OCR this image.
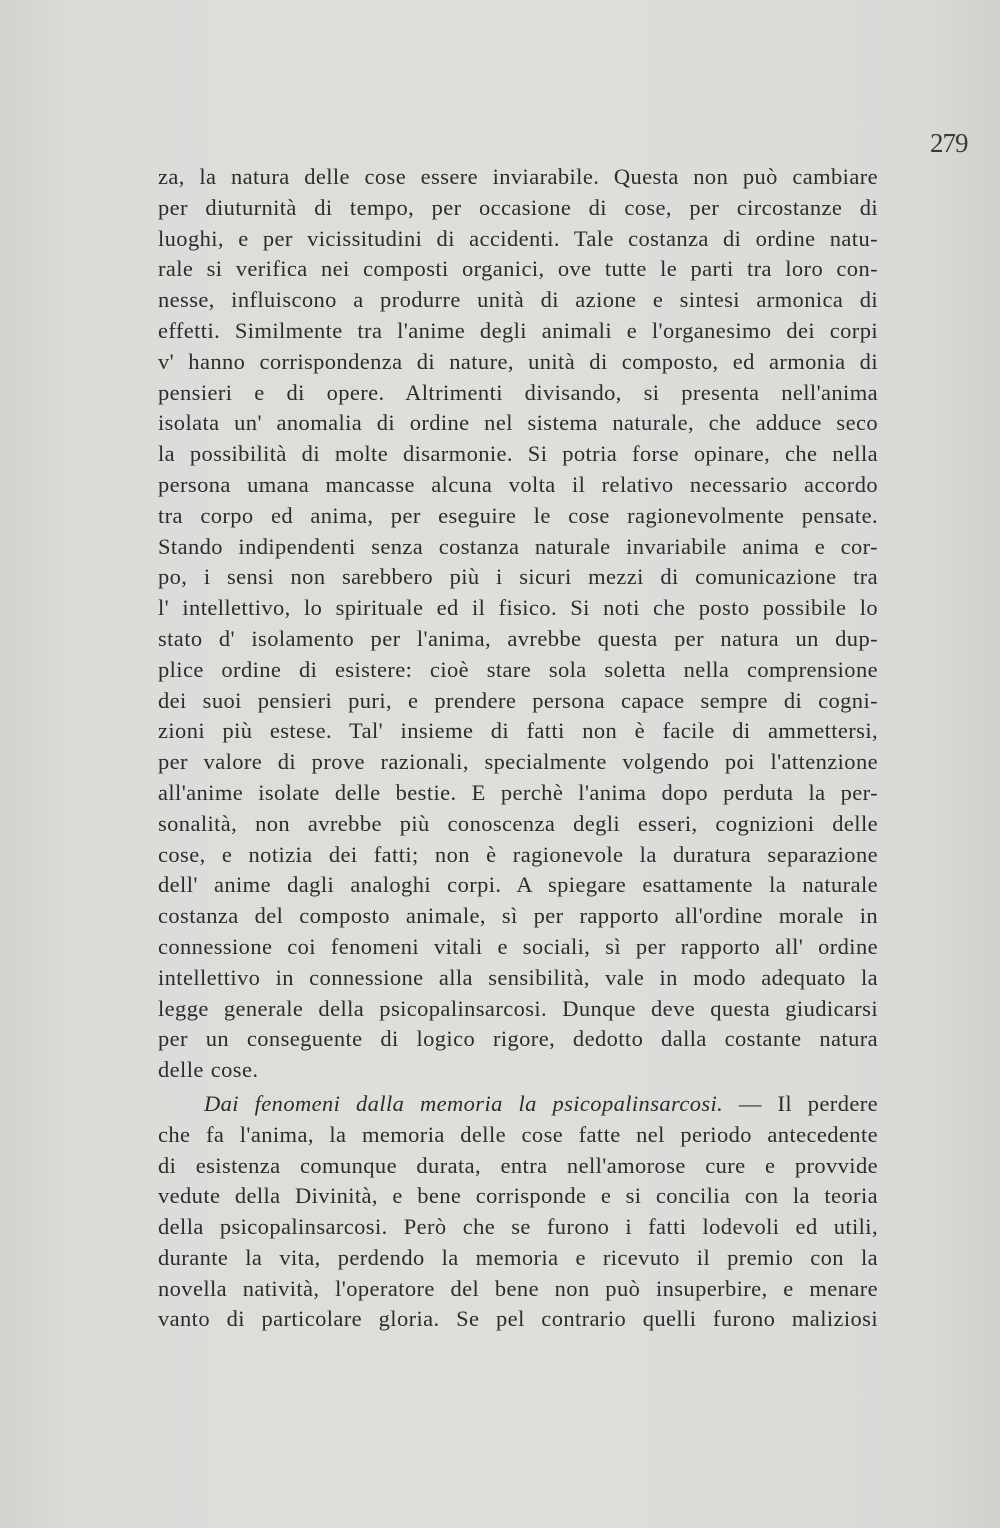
279
za, la natura delle cose essere inviarabile. Questa non può cambiare
per diuturnità di tempo, per occasione di cose, per circostanze di
luoghi, e per vicissitudini di accidenti. Tale costanza di ordine natu-
rale si verifica nei composti organici, ove tutte le parti tra loro con-
nesse, influiscono a produrre unità di azione e sintesi armonica di
effetti. Similmente tra l'anime degli animali e l'organesimo dei corpi
v' hanno corrispondenza di nature, unità di composto, ed armonia di
pensieri e di opere. Altrimenti divisando, si presenta nell'anima
isolata un' anomalia di ordine nel sistema naturale, che adduce seco
la possibilità di molte disarmonie. Si potria forse opinare, che nella
persona umana mancasse alcuna volta il relativo necessario accordo
tra corpo ed anima, per eseguire le cose ragionevolmente pensate.
Stando indipendenti senza costanza naturale invariabile anima e cor-
po, i sensi non sarebbero più i sicuri mezzi di comunicazione tra
l' intellettivo, lo spirituale ed il fisico. Si noti che posto possibile lo
stato d' isolamento per l'anima, avrebbe questa per natura un dup-
plice ordine di esistere: cioè stare sola soletta nella comprensione
dei suoi pensieri puri, e prendere persona capace sempre di cogni-
zioni più estese. Tal' insieme di fatti non è facile di ammettersi,
per valore di prove razionali, specialmente volgendo poi l'attenzione
all'anime isolate delle bestie. E perchè l'anima dopo perduta la per-
sonalità, non avrebbe più conoscenza degli esseri, cognizioni delle
cose, e notizia dei fatti; non è ragionevole la duratura separazione
dell' anime dagli analoghi corpi. A spiegare esattamente la naturale
costanza del composto animale, sì per rapporto all'ordine morale in
connessione coi fenomeni vitali e sociali, sì per rapporto all' ordine
intellettivo in connessione alla sensibilità, vale in modo adequato la
legge generale della psicopalinsarcosi. Dunque deve questa giudicarsi
per un conseguente di logico rigore, dedotto dalla costante natura
delle cose.
Dai fenomeni dalla memoria la psicopalinsarcosi. — Il perdere
che fa l'anima, la memoria delle cose fatte nel periodo antecedente
di esistenza comunque durata, entra nell'amorose cure e provvide
vedute della Divinità, e bene corrisponde e si concilia con la teoria
della psicopalinsarcosi. Però che se furono i fatti lodevoli ed utili,
durante la vita, perdendo la memoria e ricevuto il premio con la
novella natività, l'operatore del bene non può insuperbire, e menare
vanto di particolare gloria. Se pel contrario quelli furono maliziosi
